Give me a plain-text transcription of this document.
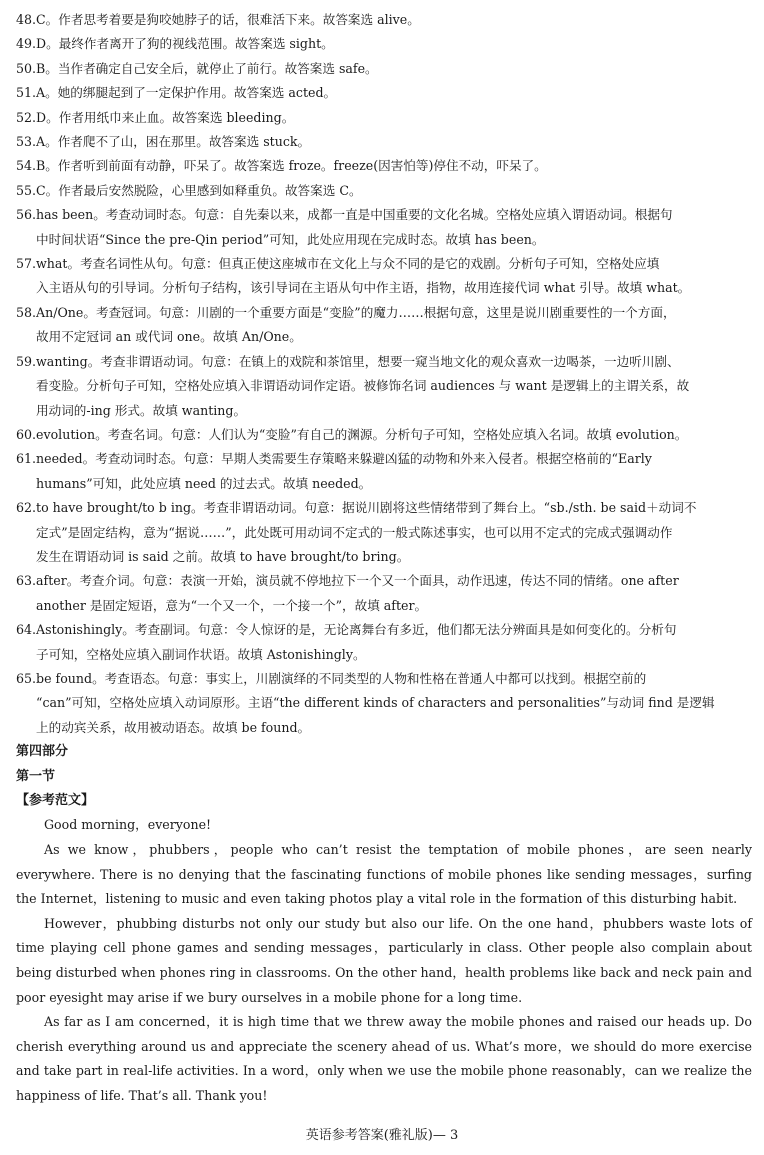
48.C。作者思考着要是狗咬她脖子的话，很难活下来。故答案选 alive。
49.D。最终作者离开了狗的视线范围。故答案选 sight。
50.B。当作者确定自己安全后，就停止了前行。故答案选 safe。
51.A。她的绑腿起到了一定保护作用。故答案选 acted。
52.D。作者用纸巾来止血。故答案选 bleeding。
53.A。作者爬不了山，困在那里。故答案选 stuck。
54.B。作者听到前面有动静，吓呆了。故答案选 froze。freeze(因害怕等)停住不动，吓呆了。
55.C。作者最后安然脱险，心里感到如释重负。故答案选 C。
56.has been。考查动词时态。句意：自先秦以来，成都一直是中国重要的文化名城。空格处应填入谓语动词。根据句
中时间状语“Since the pre-Qin period”可知，此处应用现在完成时态。故填 has been。
57.what。考查名词性从句。句意：但真正使这座城市在文化上与众不同的是它的戏剧。分析句子可知，空格处应填
入主语从句的引导词。分析句子结构，该引导词在主语从句中作主语，指物，故用连接代词 what 引导。故填 what。
58.An/One。考查冠词。句意：川剧的一个重要方面是“变脸”的魔力……根据句意，这里是说川剧重要性的一个方面，
故用不定冠词 an 或代词 one。故填 An/One。
59.wanting。考查非谓语动词。句意：在镇上的戏院和茶馆里，想要一窥当地文化的观众喜欢一边喝茶，一边听川剧、
看变脸。分析句子可知，空格处应填入非谓语动词作定语。被修饰名词 audiences 与 want 是逻辑上的主谓关系，故
用动词的-ing 形式。故填 wanting。
60.evolution。考查名词。句意：人们认为“变脸”有自己的渊源。分析句子可知，空格处应填入名词。故填 evolution。
61.needed。考查动词时态。句意：早期人类需要生存策略来躲避凶猛的动物和外来入侵者。根据空格前的“Early
humans”可知，此处应填 need 的过去式。故填 needed。
62.to have brought/to b ing。考查非谓语动词。句意：据说川剧将这些情绪带到了舞台上。“sb./sth. be said＋动词不
定式”是固定结构，意为“据说……”，此处既可用动词不定式的一般式陈述事实，也可以用不定式的完成式强调动作
发生在谓语动词 is said 之前。故填 to have brought/to bring。
63.after。考查介词。句意：表演一开始，演员就不停地拉下一个又一个面具，动作迅速，传达不同的情绪。one after
another 是固定短语，意为“一个又一个，一个接一个”，故填 after。
64.Astonishingly。考查副词。句意：令人惊讶的是，无论离舞台有多近，他们都无法分辨面具是如何变化的。分析句
子可知，空格处应填入副词作状语。故填 Astonishingly。
65.be found。考查语态。句意：事实上，川剧演绎的不同类型的人物和性格在普通人中都可以找到。根据空前的
“can”可知，空格处应填入动词原形。主语“the different kinds of characters and personalities”与动词 find 是逻辑
上的动宾关系，故用被动语态。故填 be found。
第四部分
第一节
【参考范文】

Good morning，everyone!

As we know，phubbers，people who can’t resist the temptation of mobile phones，are seen nearly everywhere. There is no denying that the fascinating functions of mobile phones like sending messages，surfing the Internet，listening to music and even taking photos play a vital role in the formation of this disturbing habit.

However，phubbing disturbs not only our study but also our life. On the one hand，phubbers waste lots of time playing cell phone games and sending messages，particularly in class. Other people also complain about being disturbed when phones ring in classrooms. On the other hand，health problems like back and neck pain and poor eyesight may arise if we bury ourselves in a mobile phone for a long time.

As far as I am concerned，it is high time that we threw away the mobile phones and raised our heads up. Do cherish everything around us and appreciate the scenery ahead of us. What’s more，we should do more exercise and take part in real-life activities. In a word，only when we use the mobile phone reasonably，can we realize the happiness of life. That’s all. Thank you!

英语参考答案(雅礼版)— 3
